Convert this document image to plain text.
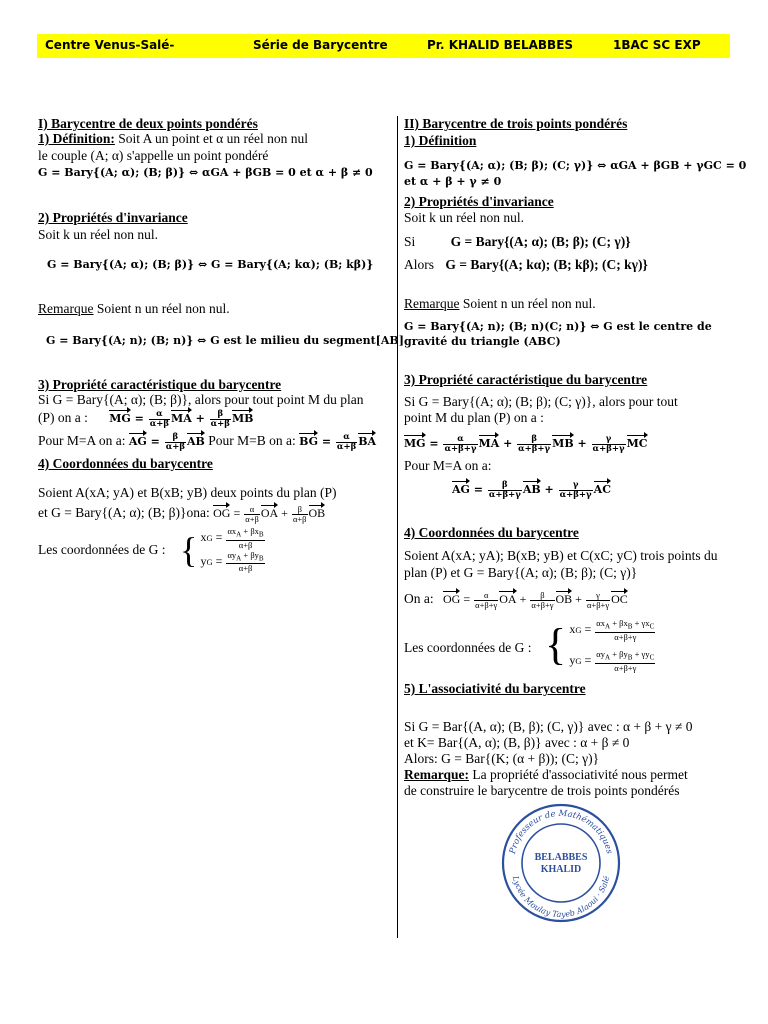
Centre Venus-Salé-	Série de Barycentre	Pr. KHALID BELABBES	1BAC SC EXP
I) Barycentre de deux points pondérés
1) Définition: Soit A un point et α un réel non nul
le couple (A; α) s'appelle un point pondéré
G = Bary{(A; α); (B; β)} ⇔ αGA + βGB = 0 et α + β ≠ 0
2) Propriétés d'invariance
Soit k un réel non nul.
G = Bary{(A; α); (B; β)} ⇔ G = Bary{(A; kα); (B; kβ)}
Remarque Soient n un réel non nul.
G = Bary{(A; n); (B; n)} ⇔ G est le milieu du segment[AB]
3) Propriété caractéristique du barycentre
Si G = Bary{(A; α); (B; β)}, alors pour tout point M du plan
(P) on a : MG = $\frac{\alpha}{\alpha+\beta}$ MA + $\frac{\beta}{\alpha+\beta}$ MB
Pour M=A on a: AG = $\frac{\beta}{\alpha+\beta}$ AB Pour M=B on a: BG = $\frac{\alpha}{\alpha+\beta}$ BA
4) Coordonnées du barycentre
Soient A(xA; yA) et B(xB; yB) deux points du plan (P)
et G = Bary{(A; α); (B; β)}ona: OG = $\frac{\alpha}{\alpha+\beta}$ OA + $\frac{\beta}{\alpha+\beta}$ OB
Les coordonnées de G : { xG = $\frac{\alpha x_A + \beta x_B}{\alpha+\beta}$
yG = $\frac{\alpha y_A + \beta y_B}{\alpha+\beta}$
II) Barycentre de trois points pondérés
1) Définition
G = Bary{(A; α); (B; β); (C; γ)} ⇔ αGA + βGB + γGC = 0
et α + β + γ ≠ 0
2) Propriétés d'invariance
Soit k un réel non nul.
Si	G = Bary{(A; α); (B; β); (C; γ)}
Alors G = Bary{(A; kα); (B; kβ); (C; kγ)}
Remarque Soient n un réel non nul.
G = Bary{(A; n); (B; n)(C; n)} ⇔ G est le centre de
gravité du triangle (ABC)
3) Propriété caractéristique du barycentre
Si G = Bary{(A; α); (B; β); (C; γ)}, alors pour tout
point M du plan (P) on a :
MG = $\frac{\alpha}{\alpha+\beta+\gamma}$ MA + $\frac{\beta}{\alpha+\beta+\gamma}$ MB + $\frac{\gamma}{\alpha+\beta+\gamma}$ MC
Pour M=A on a:
AG = $\frac{\beta}{\alpha+\beta+\gamma}$ AB + $\frac{\gamma}{\alpha+\beta+\gamma}$ AC
4) Coordonnées du barycentre
Soient A(xA; yA); B(xB; yB) et C(xC; yC) trois points du
plan (P) et G = Bary{(A; α); (B; β); (C; γ)}
On a: OG = $\frac{\alpha}{\alpha+\beta+\gamma}$ OA + $\frac{\beta}{\alpha+\beta+\gamma}$ OB + $\frac{\gamma}{\alpha+\beta+\gamma}$ OC
Les coordonnées de G : { xG = $\frac{\alpha x_A + \beta x_B + \gamma x_C}{\alpha+\beta+\gamma}$
yG = $\frac{\alpha y_A + \beta y_B + \gamma y_C}{\alpha+\beta+\gamma}$
5) L'associativité du barycentre
Si G = Bar{(A, α); (B, β); (C, γ)} avec : α + β + γ ≠ 0
et K= Bar{(A, α); (B, β)} avec : α + β ≠ 0
Alors: G = Bar{(K; (α + β)); (C; γ)}
Remarque: La propriété d'associativité nous permet
de construire le barycentre de trois points pondérés
Professeur de Mathématiques
Lycée Moulay Tayeb Alaoui · Salé
BELABBES
KHALID
